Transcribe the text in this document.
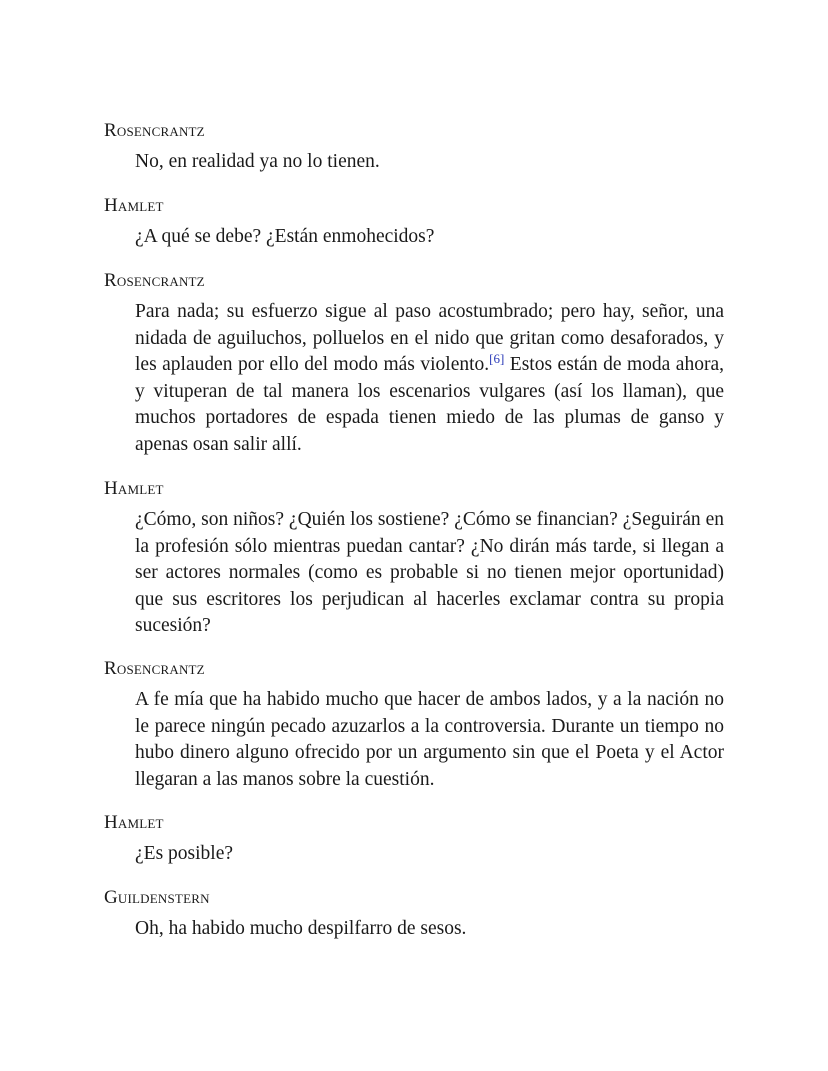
Rosencrantz
No, en realidad ya no lo tienen.
Hamlet
¿A qué se debe? ¿Están enmohecidos?
Rosencrantz
Para nada; su esfuerzo sigue al paso acostumbrado; pero hay, señor, una nidada de aguiluchos, polluelos en el nido que gritan como desaforados, y les aplauden por ello del modo más violento.[6] Estos están de moda ahora, y vituperan de tal manera los escenarios vulgares (así los llaman), que muchos portadores de espada tienen miedo de las plumas de ganso y apenas osan salir allí.
Hamlet
¿Cómo, son niños? ¿Quién los sostiene? ¿Cómo se financian? ¿Seguirán en la profesión sólo mientras puedan cantar? ¿No dirán más tarde, si llegan a ser actores normales (como es probable si no tienen mejor oportunidad) que sus escritores los perjudican al hacerles exclamar contra su propia sucesión?
Rosencrantz
A fe mía que ha habido mucho que hacer de ambos lados, y a la nación no le parece ningún pecado azuzarlos a la controversia. Durante un tiempo no hubo dinero alguno ofrecido por un argumento sin que el Poeta y el Actor llegaran a las manos sobre la cuestión.
Hamlet
¿Es posible?
Guildenstern
Oh, ha habido mucho despilfarro de sesos.
